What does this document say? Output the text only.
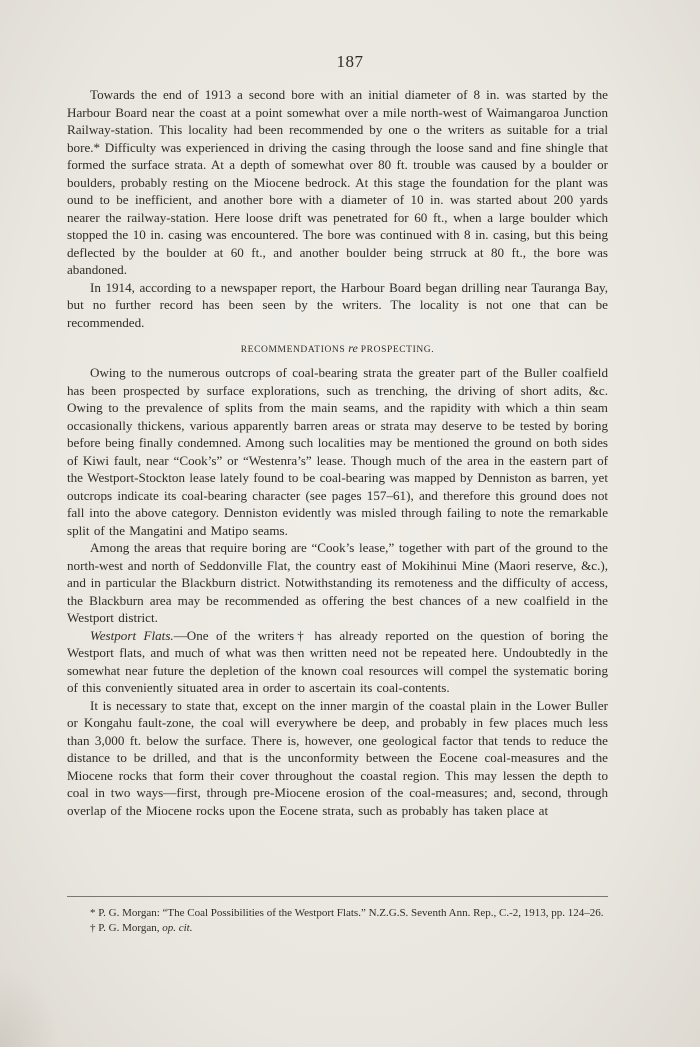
187

Towards the end of 1913 a second bore with an initial diameter of 8 in. was started by the Harbour Board near the coast at a point somewhat over a mile north-west of Waimangaroa Junction Railway-station. This locality had been recommended by one o the writers as suitable for a trial bore.* Difficulty was experienced in driving the casing through the loose sand and fine shingle that formed the surface strata. At a depth of somewhat over 80 ft. trouble was caused by a boulder or boulders, probably resting on the Miocene bedrock. At this stage the foundation for the plant was ound to be inefficient, and another bore with a diameter of 10 in. was started about 200 yards nearer the railway-station. Here loose drift was penetrated for 60 ft., when a large boulder which stopped the 10 in. casing was encountered. The bore was continued with 8 in. casing, but this being deflected by the boulder at 60 ft., and another boulder being strruck at 80 ft., the bore was abandoned.

In 1914, according to a newspaper report, the Harbour Board began drilling near Tauranga Bay, but no further record has been seen by the writers. The locality is not one that can be recommended.

RECOMMENDATIONS re PROSPECTING.

Owing to the numerous outcrops of coal-bearing strata the greater part of the Buller coalfield has been prospected by surface explorations, such as trenching, the driving of short adits, &c. Owing to the prevalence of splits from the main seams, and the rapidity with which a thin seam occasionally thickens, various apparently barren areas or strata may deserve to be tested by boring before being finally condemned. Among such localities may be mentioned the ground on both sides of Kiwi fault, near “Cook’s” or “Westenra’s” lease. Though much of the area in the eastern part of the Westport-Stockton lease lately found to be coal-bearing was mapped by Denniston as barren, yet outcrops indicate its coal-bearing character (see pages 157–61), and therefore this ground does not fall into the above category. Denniston evidently was misled through failing to note the remarkable split of the Mangatini and Matipo seams.

Among the areas that require boring are “Cook’s lease,” together with part of the ground to the north-west and north of Seddonville Flat, the country east of Mokihinui Mine (Maori reserve, &c.), and in particular the Blackburn district. Notwithstanding its remoteness and the difficulty of access, the Blackburn area may be recommended as offering the best chances of a new coalfield in the Westport district.

Westport Flats.—One of the writers† has already reported on the question of boring the Westport flats, and much of what was then written need not be repeated here. Undoubtedly in the somewhat near future the depletion of the known coal resources will compel the systematic boring of this conveniently situated area in order to ascertain its coal-contents.

It is necessary to state that, except on the inner margin of the coastal plain in the Lower Buller or Kongahu fault-zone, the coal will everywhere be deep, and probably in few places much less than 3,000 ft. below the surface. There is, however, one geological factor that tends to reduce the distance to be drilled, and that is the unconformity between the Eocene coal-measures and the Miocene rocks that form their cover throughout the coastal region. This may lessen the depth to coal in two ways—first, through pre-Miocene erosion of the coal-measures; and, second, through overlap of the Miocene rocks upon the Eocene strata, such as probably has taken place at

* P. G. Morgan: “The Coal Possibilities of the Westport Flats.” N.Z.G.S. Seventh Ann. Rep., C.-2, 1913, pp. 124–26.

† P. G. Morgan, op. cit.
